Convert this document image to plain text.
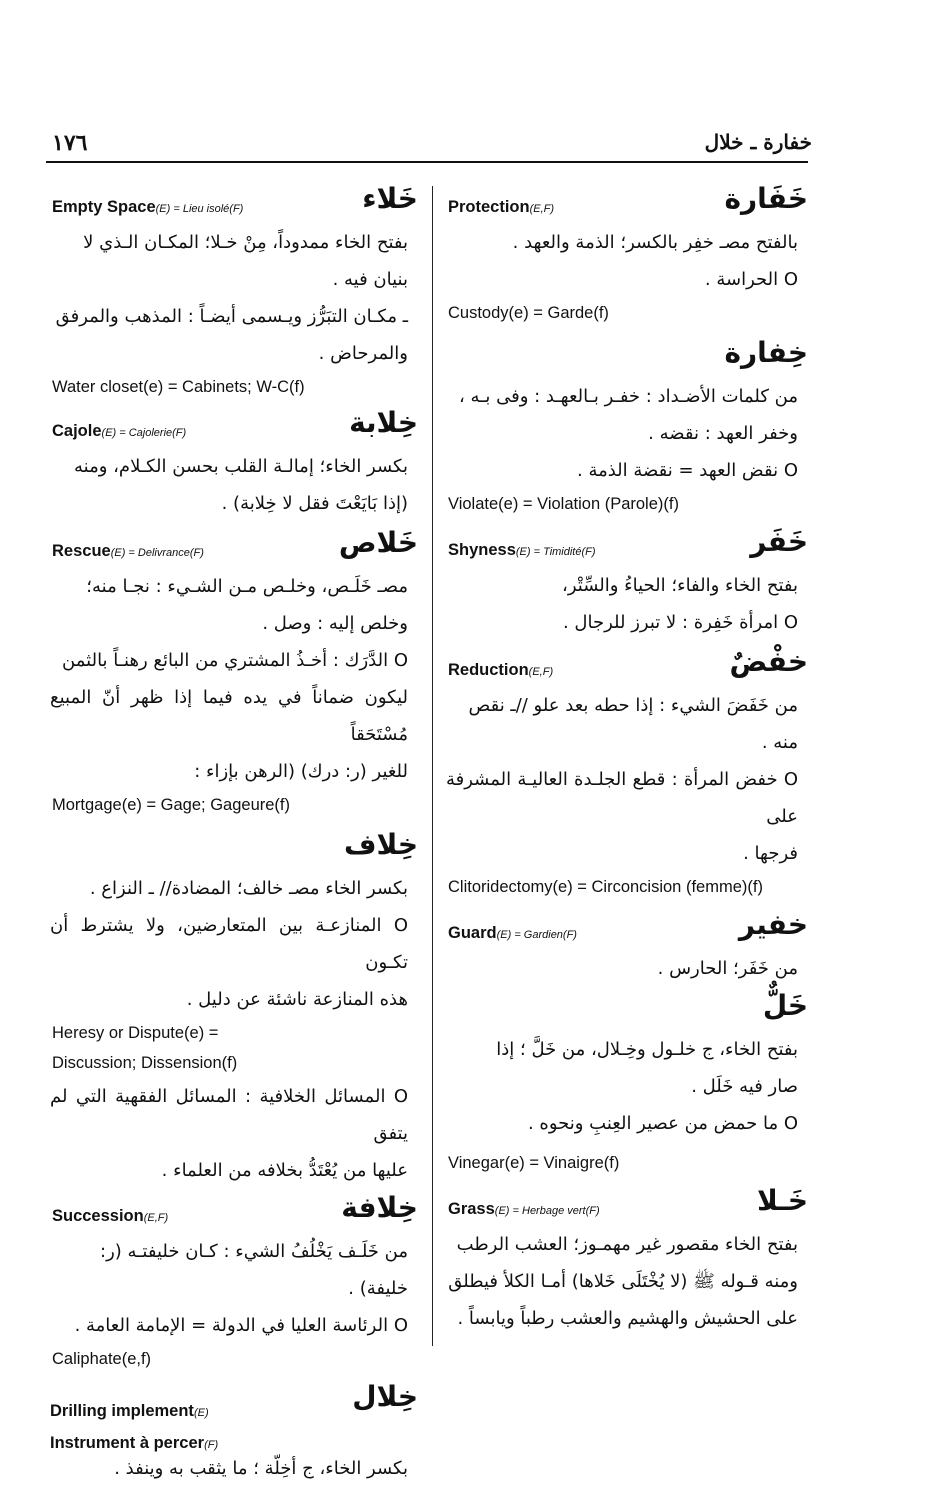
١٧٦	خفارة ـ خلال
خَفَارة
Protection(E,F)

بالفتح مصـ خفِر بالكسر؛ الذمة والعهد .

O الحراسة .

Custody(e) = Garde(f)

خِفارة

من كلمات الأضـداد : خفـر بـالعهـد : وفى بـه ،

وخفر العهد : نقضه .

O نقض العهد = نقضة الذمة .

Violate(e) = Violation (Parole)(f)

خَفَر
Shyness(E) = Timidité(F)

بفتح الخاء والفاء؛ الحياءُ والسِّتْر،

O امرأة خَفِرة : لا تبرز للرجال .

خفْضٌ
Reduction(E,F)

من خَفَضَ الشيء : إذا حطه بعد علو //ـ نقص

منه .

O خفض المرأة : قطع الجلـدة العاليـة المشرفة على

فرجها .

Clitoridectomy(e) = Circoncision (femme)(f)

خفير
Guard(E) = Gardien(F)

من خَفَر؛ الحارس .

خَلٌّ

بفتح الخاء، ج خلـول وخِـلال، من خَلَّ ؛ إذا

صار فيه خَلَل .

O ما حمض من عصير العِنبِ ونحوه .

Vinegar(e) = Vinaigre(f)

خَـلا
Grass(E) = Herbage vert(F)

بفتح الخاء مقصور غير مهمـوز؛ العشب الرطب

ومنه قـوله ﷺ (لا يُخْتَلَى خَلاها) أمـا الكلأ فيطلق

على الحشيش والهشيم والعشب رطباً ويابساً .

خَلاء
Empty Space(E) = Lieu isolé(F)

بفتح الخاء ممدوداً، مِنْ خـلا؛ المكـان الـذي لا

بنيان فيه .

ـ مكـان التبَرُّز ويـسمى أيضـاً : المذهب والمرفق

والمرحاض .

Water closet(e) = Cabinets; W-C(f)

خِلابة
Cajole(E) = Cajolerie(F)

بكسر الخاء؛ إمالـة القلب بحسن الكـلام، ومنه

(إذا بَايَعْتَ فقل لا خِلابة) .

خَلاص
Rescue(E) = Delivrance(F)

مصـ خَلَـص، وخلـص مـن الشـيء : نجـا منه؛

وخلص إليه : وصل .

O الدَّرَك : أخـذُ المشتري من البائع رهنـاً بالثمن

ليكون ضماناً في يده فيما إذا ظهر أنّ المبيع مُسْتَحَقاً

للغير (ر: درك) (الرهن بإزاء :

Mortgage(e) = Gage; Gageure(f)

خِلاف

بكسر الخاء مصـ خالف؛ المضادة// ـ النزاع .

O المنازعـة بين المتعارضين، ولا يشترط أن تكـون

هذه المنازعة ناشئة عن دليل .

Heresy or Dispute(e) =

Discussion; Dissension(f)

O المسائل الخلافية : المسائل الفقهية التي لم يتفق

عليها من يُعْتَدُّ بخلافه من العلماء .

خِلافة
Succession(E,F)

من خَلَـف يَخْلُفُ الشيء : كـان خليفتـه (ر:

خليفة) .

O الرئاسة العليا في الدولة = الإمامة العامة .

Caliphate(e,f)

خِلال
Drilling implement(E)
Instrument à percer(F)

بكسر الخاء، ج أخِلّة ؛ ما يثقب به وينفذ .
